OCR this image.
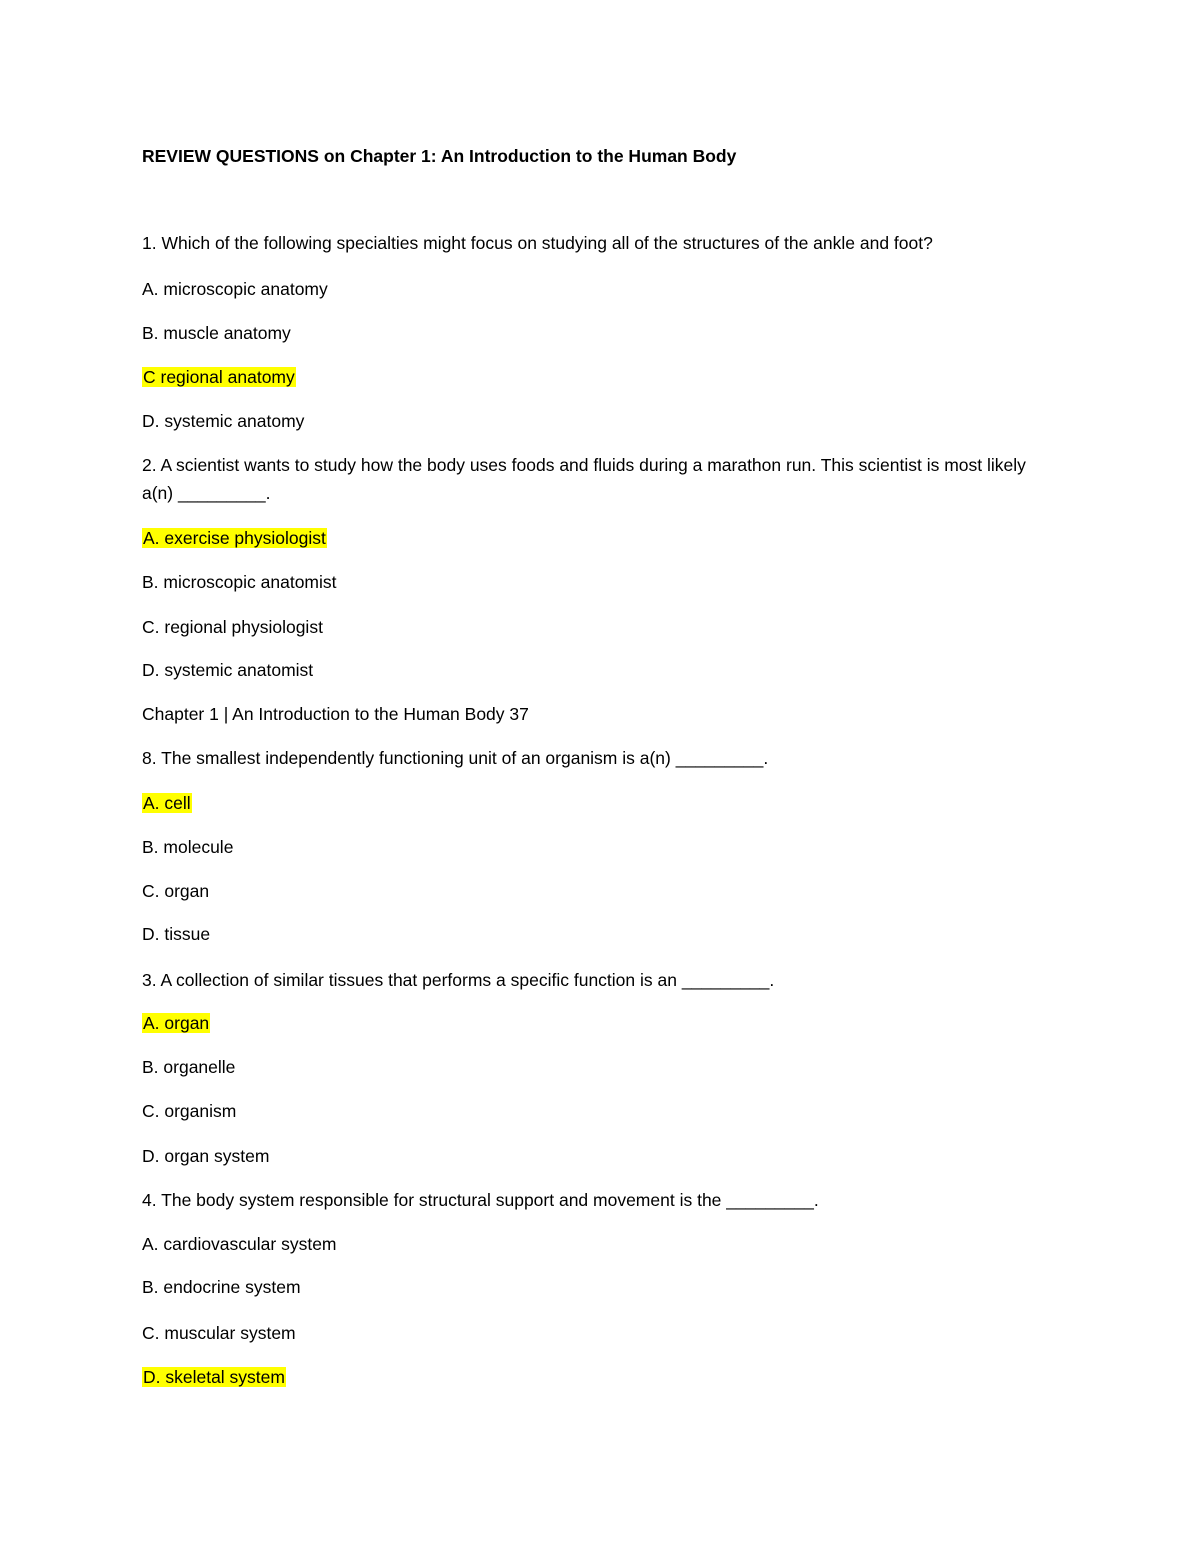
REVIEW QUESTIONS on Chapter 1: An Introduction to the Human Body
1. Which of the following specialties might focus on studying all of the structures of the ankle and foot?
A. microscopic anatomy
B. muscle anatomy
C regional anatomy
D. systemic anatomy
2. A scientist wants to study how the body uses foods and fluids during a marathon run. This scientist is most likely a(n) _________.
A. exercise physiologist
B. microscopic anatomist
C. regional physiologist
D. systemic anatomist
Chapter 1 | An Introduction to the Human Body 37
8. The smallest independently functioning unit of an organism is a(n) _________.
A. cell
B. molecule
C. organ
D. tissue
3. A collection of similar tissues that performs a specific function is an _________.
A. organ
B. organelle
C. organism
D. organ system
4. The body system responsible for structural support and movement is the _________.
A. cardiovascular system
B. endocrine system
C. muscular system
D. skeletal system
